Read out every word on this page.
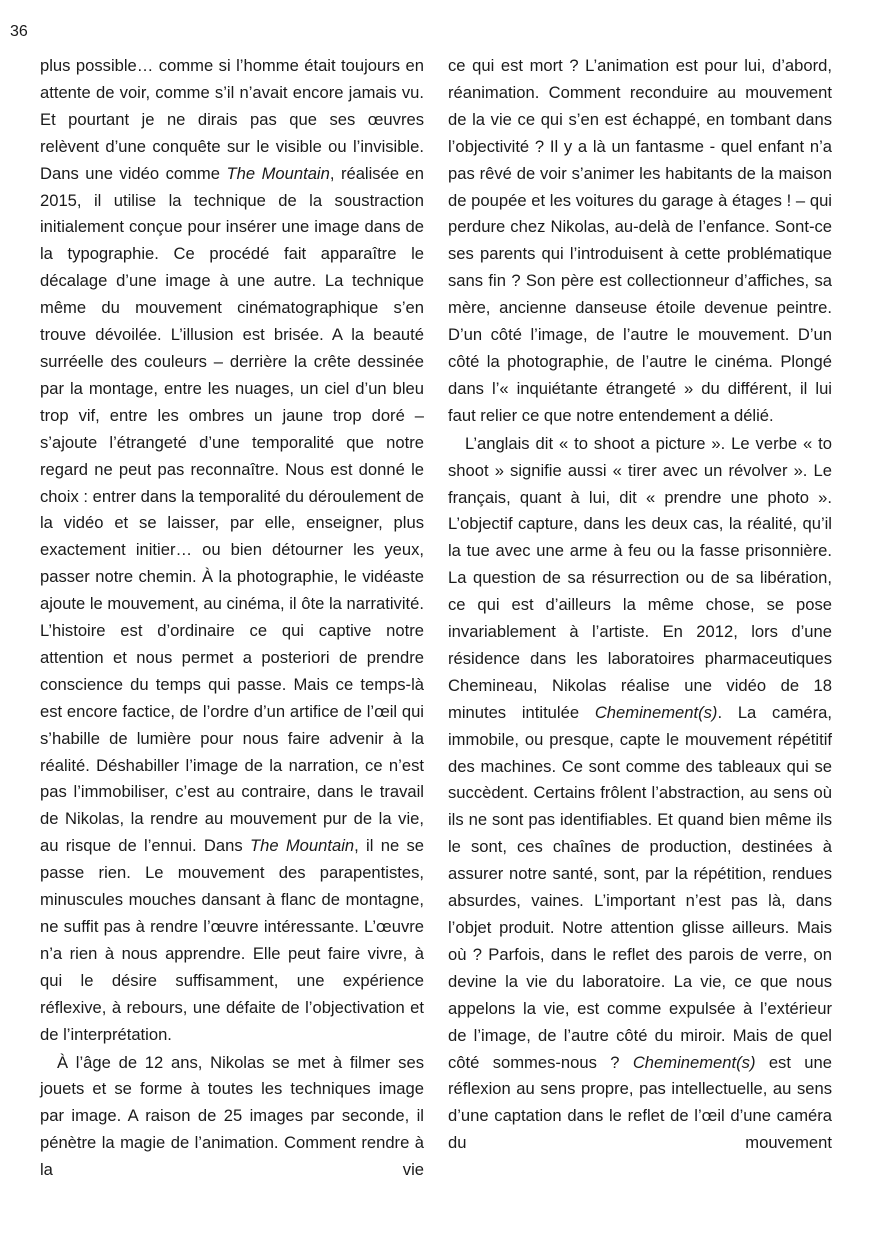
36

plus possible… comme si l’homme était toujours en attente de voir, comme s’il n’avait encore jamais vu. Et pourtant je ne dirais pas que ses œuvres relèvent d’une conquête sur le visible ou l’invisible. Dans une vidéo comme The Mountain, réalisée en 2015, il utilise la technique de la soustraction initialement conçue pour insérer une image dans de la typographie. Ce procédé fait apparaître le décalage d’une image à une autre. La technique même du mouvement cinématographique s’en trouve dévoilée. L’illusion est brisée. A la beauté surréelle des couleurs – derrière la crête dessinée par la montage, entre les nuages, un ciel d’un bleu trop vif, entre les ombres un jaune trop doré – s’ajoute l’étrangeté d’une temporalité que notre regard ne peut pas reconnaître. Nous est donné le choix : entrer dans la temporalité du déroulement de la vidéo et se laisser, par elle, enseigner, plus exactement initier… ou bien détourner les yeux, passer notre chemin. À la photographie, le vidéaste ajoute le mouvement, au cinéma, il ôte la narrativité. L’histoire est d’ordinaire ce qui captive notre attention et nous permet a posteriori de prendre conscience du temps qui passe. Mais ce temps-là est encore factice, de l’ordre d’un artifice de l’œil qui s’habille de lumière pour nous faire advenir à la réalité. Déshabiller l’image de la narration, ce n’est pas l’immobiliser, c’est au contraire, dans le travail de Nikolas, la rendre au mouvement pur de la vie, au risque de l’ennui. Dans The Mountain, il ne se passe rien. Le mouvement des parapentistes, minuscules mouches dansant à flanc de montagne, ne suffit pas à rendre l’œuvre intéressante. L’œuvre n’a rien à nous apprendre. Elle peut faire vivre, à qui le désire suffisamment, une expérience réflexive, à rebours, une défaite de l’objectivation et de l’interprétation.

À l’âge de 12 ans, Nikolas se met à filmer ses jouets et se forme à toutes les techniques image par image. A raison de 25 images par seconde, il pénètre la magie de l’animation. Comment rendre à la vie

ce qui est mort ? L’animation est pour lui, d’abord, réanimation. Comment reconduire au mouvement de la vie ce qui s’en est échappé, en tombant dans l’objectivité ? Il y a là un fantasme - quel enfant n’a pas rêvé de voir s’animer les habitants de la maison de poupée et les voitures du garage à étages ! – qui perdure chez Nikolas, au-delà de l’enfance. Sont-ce ses parents qui l’introduisent à cette problématique sans fin ? Son père est collectionneur d’affiches, sa mère, ancienne danseuse étoile devenue peintre. D’un côté l’image, de l’autre le mouvement. D’un côté la photographie, de l’autre le cinéma. Plongé dans l’« inquiétante étrangeté » du différent, il lui faut relier ce que notre entendement a délié.

L’anglais dit « to shoot a picture ». Le verbe « to shoot » signifie aussi « tirer avec un révolver ». Le français, quant à lui, dit « prendre une photo ». L’objectif capture, dans les deux cas, la réalité, qu’il la tue avec une arme à feu ou la fasse prisonnière. La question de sa résurrection ou de sa libération, ce qui est d’ailleurs la même chose, se pose invariablement à l’artiste. En 2012, lors d’une résidence dans les laboratoires pharmaceutiques Chemineau, Nikolas réalise une vidéo de 18 minutes intitulée Cheminement(s). La caméra, immobile, ou presque, capte le mouvement répétitif des machines. Ce sont comme des tableaux qui se succèdent. Certains frôlent l’abstraction, au sens où ils ne sont pas identifiables. Et quand bien même ils le sont, ces chaînes de production, destinées à assurer notre santé, sont, par la répétition, rendues absurdes, vaines. L’important n’est pas là, dans l’objet produit. Notre attention glisse ailleurs. Mais où ? Parfois, dans le reflet des parois de verre, on devine la vie du laboratoire. La vie, ce que nous appelons la vie, est comme expulsée à l’extérieur de l’image, de l’autre côté du miroir. Mais de quel côté sommes-nous ? Cheminement(s) est une réflexion au sens propre, pas intellectuelle, au sens d’une captation dans le reflet de l’œil d’une caméra du mouvement
